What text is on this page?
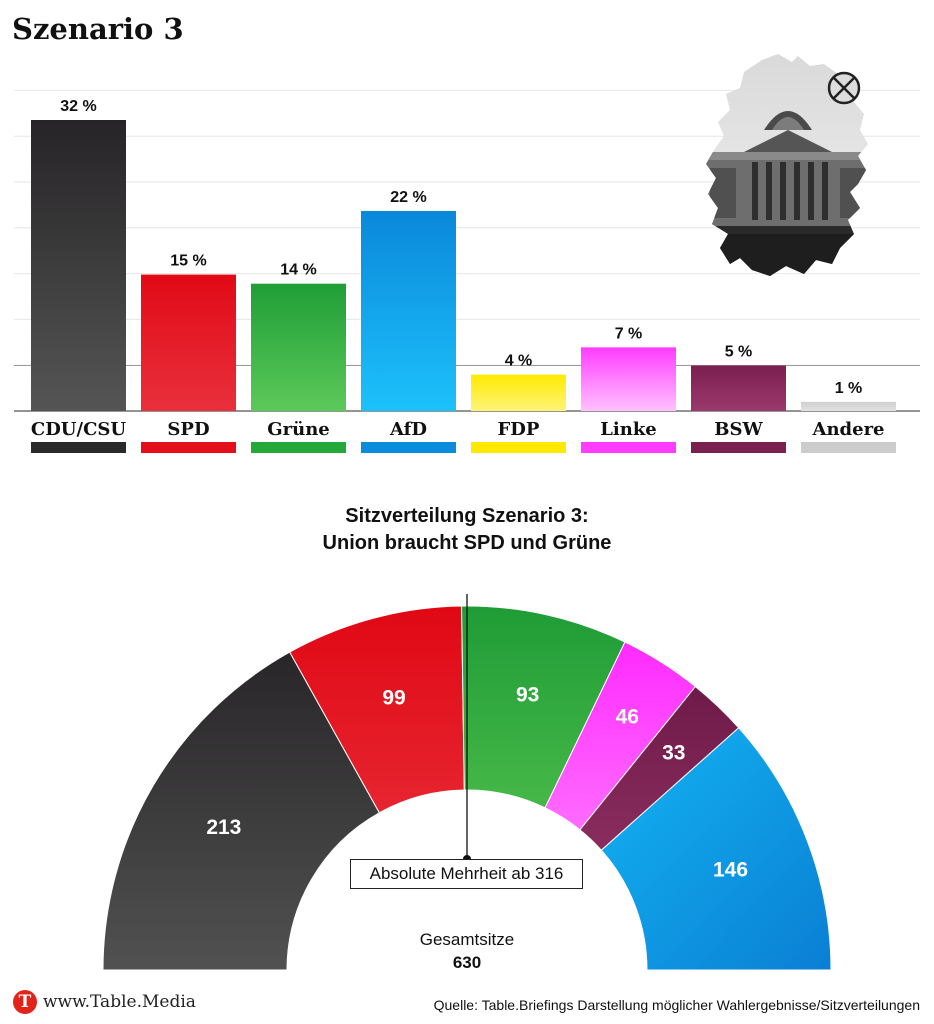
Szenario 3
32 %
CDU/CSU
15 %
SPD
14 %
Grüne
22 %
AfD
4 %
FDP
7 %
Linke
5 %
BSW
1 %
Andere
Sitzverteilung Szenario 3:
Union braucht SPD und Grüne
213
99	93
46
33
146
Absolute Mehrheit ab 316
Gesamtsitze
630
T www.Table.Media	Quelle: Table.Briefings Darstellung möglicher Wahlergebnisse/Sitzverteilungen
